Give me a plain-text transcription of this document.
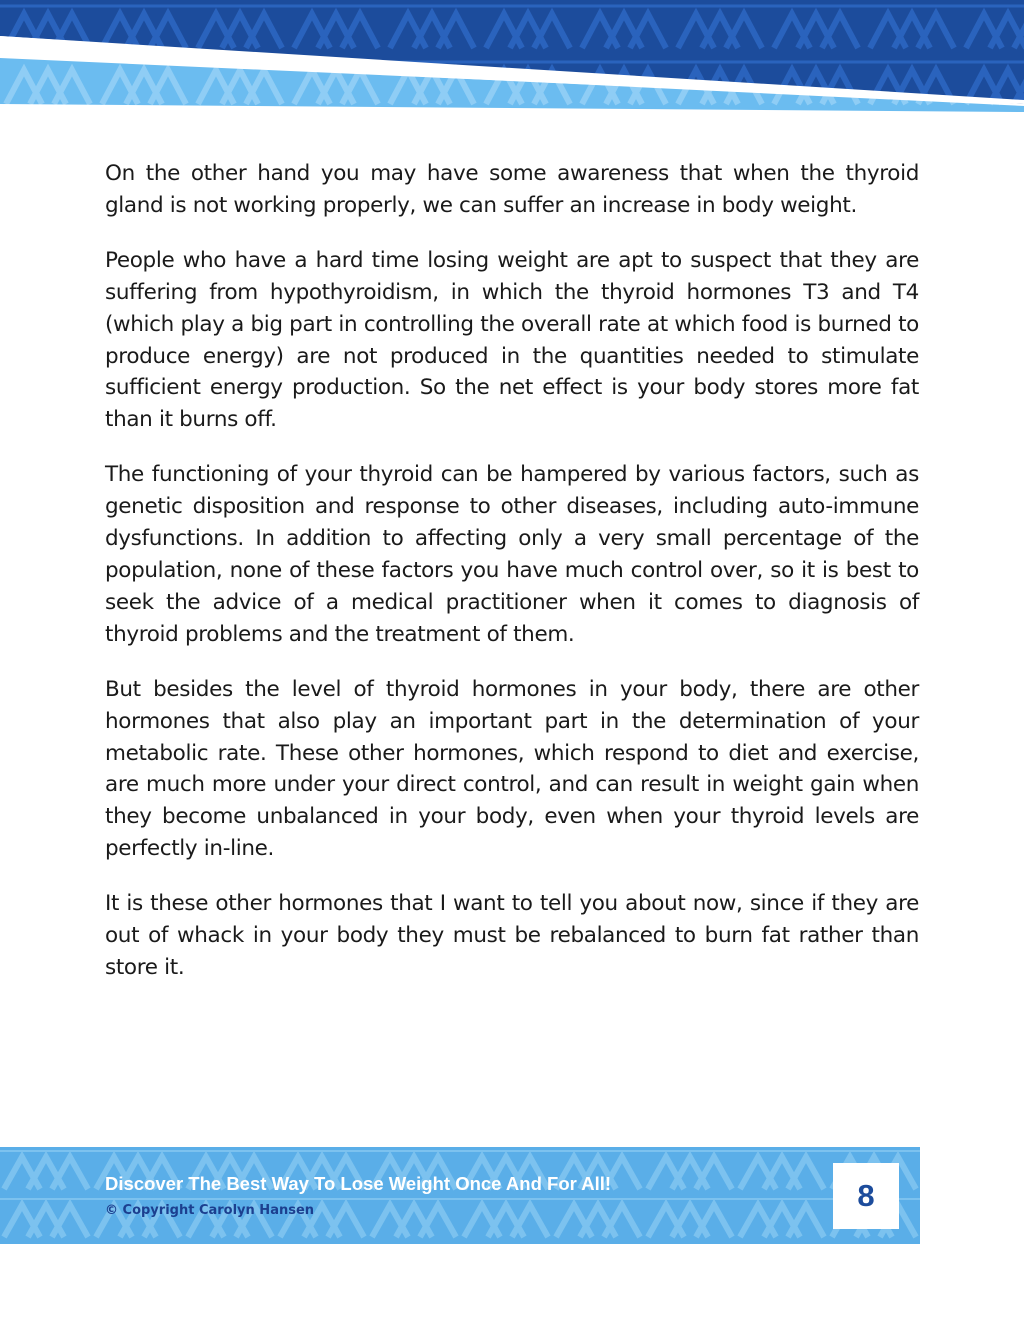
On the other hand you may have some awareness that when the thyroid gland is not working properly, we can suffer an increase in body weight.

People who have a hard time losing weight are apt to suspect that they are suffering from hypothyroidism, in which the thyroid hormones T3 and T4 (which play a big part in controlling the overall rate at which food is burned to produce energy) are not produced in the quantities needed to stimulate sufficient energy production. So the net effect is your body stores more fat than it burns off.

The functioning of your thyroid can be hampered by various factors, such as genetic disposition and response to other diseases, including auto-immune dysfunctions. In addition to affecting only a very small percentage of the population, none of these factors you have much control over, so it is best to seek the advice of a medical practitioner when it comes to diagnosis of thyroid problems and the treatment of them.

But besides the level of thyroid hormones in your body, there are other hormones that also play an important part in the determination of your metabolic rate. These other hormones, which respond to diet and exercise, are much more under your direct control, and can result in weight gain when they become unbalanced in your body, even when your thyroid levels are perfectly in-line.

It is these other hormones that I want to tell you about now, since if they are out of whack in your body they must be rebalanced to burn fat rather than store it.

Discover The Best Way To Lose Weight Once And For All!
© Copyright Carolyn Hansen	8
